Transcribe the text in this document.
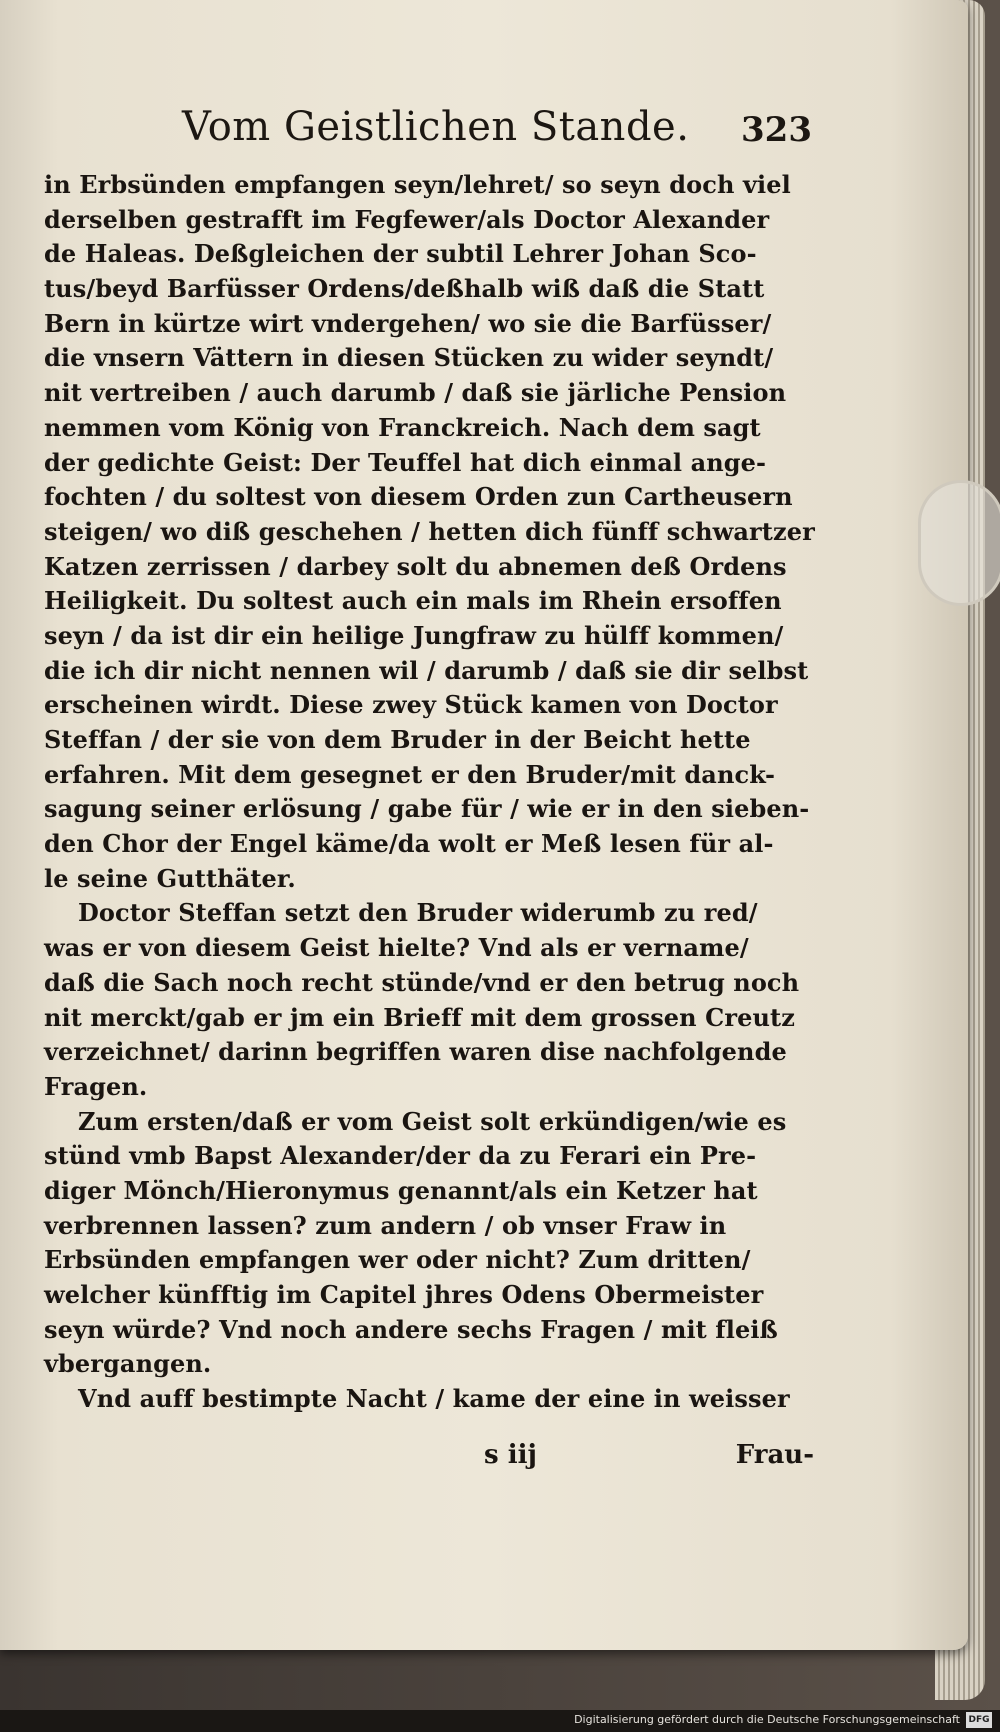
Vom Geistlichen Stande. 323
in Erbsünden empfangen seyn/lehret/ so seyn doch viel
derselben gestrafft im Fegfewer/als Doctor Alexander
de Haleas. Deßgleichen der subtil Lehrer Johan Sco-
tus/beyd Barfüsser Ordens/deßhalb wiß daß die Statt
Bern in kürtze wirt vndergehen/ wo sie die Barfüsser/
die vnsern Vättern in diesen Stücken zu wider seyndt/
nit vertreiben / auch darumb / daß sie järliche Pension
nemmen vom König von Franckreich. Nach dem sagt
der gedichte Geist: Der Teuffel hat dich einmal ange-
fochten / du soltest von diesem Orden zun Cartheusern
steigen/ wo diß geschehen / hetten dich fünff schwartzer
Katzen zerrissen / darbey solt du abnemen deß Ordens
Heiligkeit. Du soltest auch ein mals im Rhein ersoffen
seyn / da ist dir ein heilige Jungfraw zu hülff kommen/
die ich dir nicht nennen wil / darumb / daß sie dir selbst
erscheinen wirdt. Diese zwey Stück kamen von Doctor
Steffan / der sie von dem Bruder in der Beicht hette
erfahren. Mit dem gesegnet er den Bruder/mit danck-
sagung seiner erlösung / gabe für / wie er in den sieben-
den Chor der Engel käme/da wolt er Meß lesen für al-
le seine Gutthäter.
Doctor Steffan setzt den Bruder widerumb zu red/
was er von diesem Geist hielte? Vnd als er vername/
daß die Sach noch recht stünde/vnd er den betrug noch
nit merckt/gab er jm ein Brieff mit dem grossen Creutz
verzeichnet/ darinn begriffen waren dise nachfolgende
Fragen.
Zum ersten/daß er vom Geist solt erkündigen/wie es
stünd vmb Bapst Alexander/der da zu Ferari ein Pre-
diger Mönch/Hieronymus genannt/als ein Ketzer hat
verbrennen lassen? zum andern / ob vnser Fraw in
Erbsünden empfangen wer oder nicht? Zum dritten/
welcher künfftig im Capitel jhres Odens Obermeister
seyn würde? Vnd noch andere sechs Fragen / mit fleiß
vbergangen.
Vnd auff bestimpte Nacht / kame der eine in weisser
s iij	Frau-
Digitalisierung gefördert durch die Deutsche Forschungsgemeinschaft DFG
